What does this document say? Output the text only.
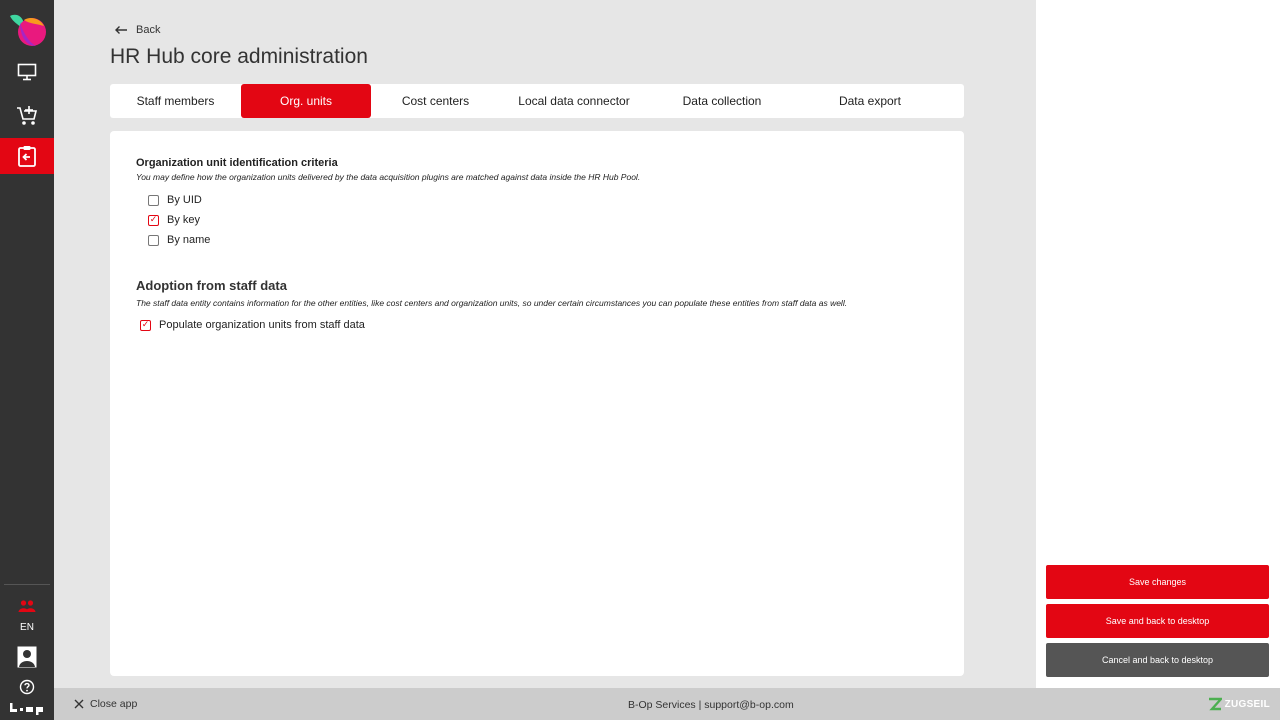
EN
Back
HR Hub core administration
Staff members	Org. units	Cost centers	Local data connector	Data collection	Data export
Organization unit identification criteria
You may define how the organization units delivered by the data acquisition plugins are matched against data inside the HR Hub Pool.
By UID
✓
By key
By name
Adoption from staff data
The staff data entity contains information for the other entities, like cost centers and organization units, so under certain circumstances you can populate these entities from staff data as well.
✓
Populate organization units from staff data
Save changes
Save and back to desktop
Cancel and back to desktop
Close app	B-Op Services | support@b-op.com	ZUGSEIL
